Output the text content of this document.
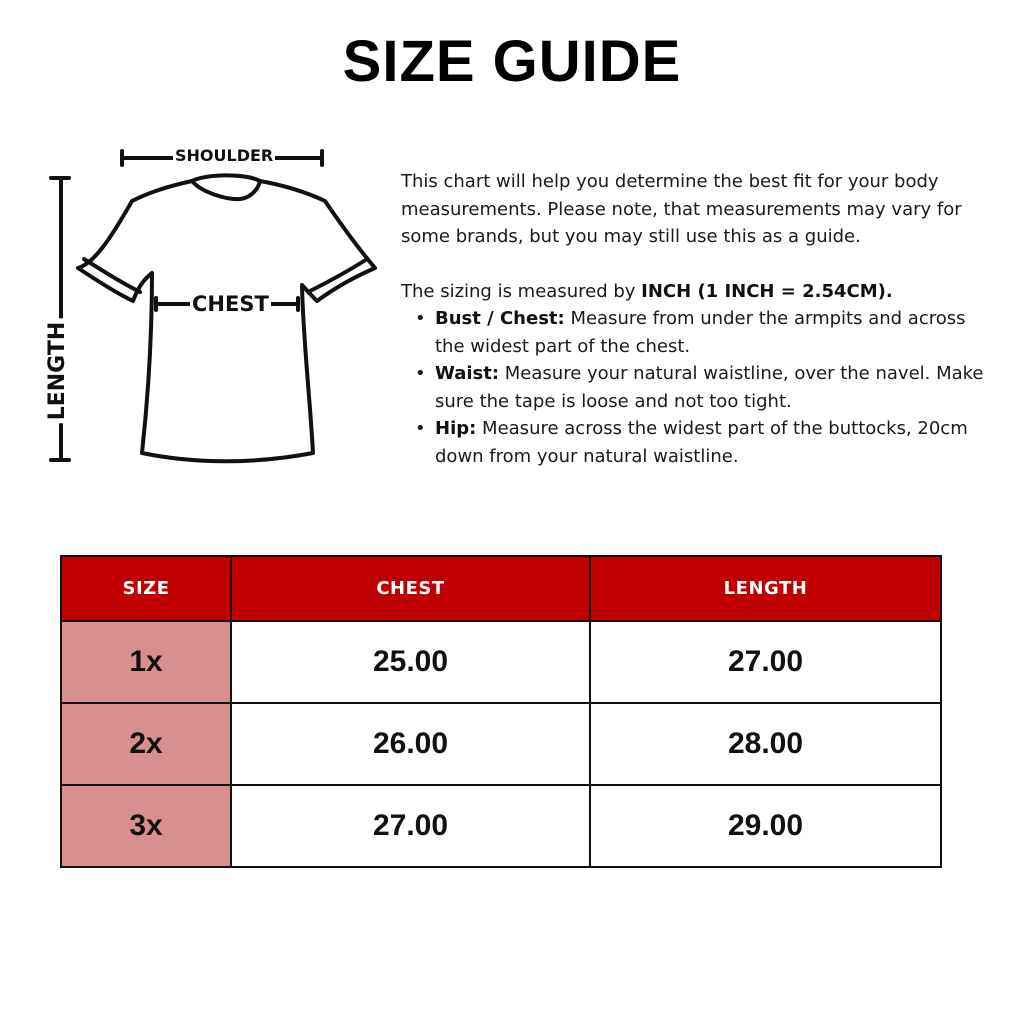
SIZE GUIDE
SHOULDER
CHEST
LENGTH

This chart will help you determine the best fit for your body measurements. Please note, that measurements may vary for some brands, but you may still use this as a guide.

The sizing is measured by INCH (1 INCH = 2.54CM).

• Bust / Chest: Measure from under the armpits and across the widest part of the chest.
• Waist: Measure your natural waistline, over the navel. Make sure the tape is loose and not too tight.
• Hip: Measure across the widest part of the buttocks, 20cm down from your natural waistline.
SIZE	CHEST	LENGTH
1x	25.00	27.00
2x	26.00	28.00
3x	27.00	29.00
